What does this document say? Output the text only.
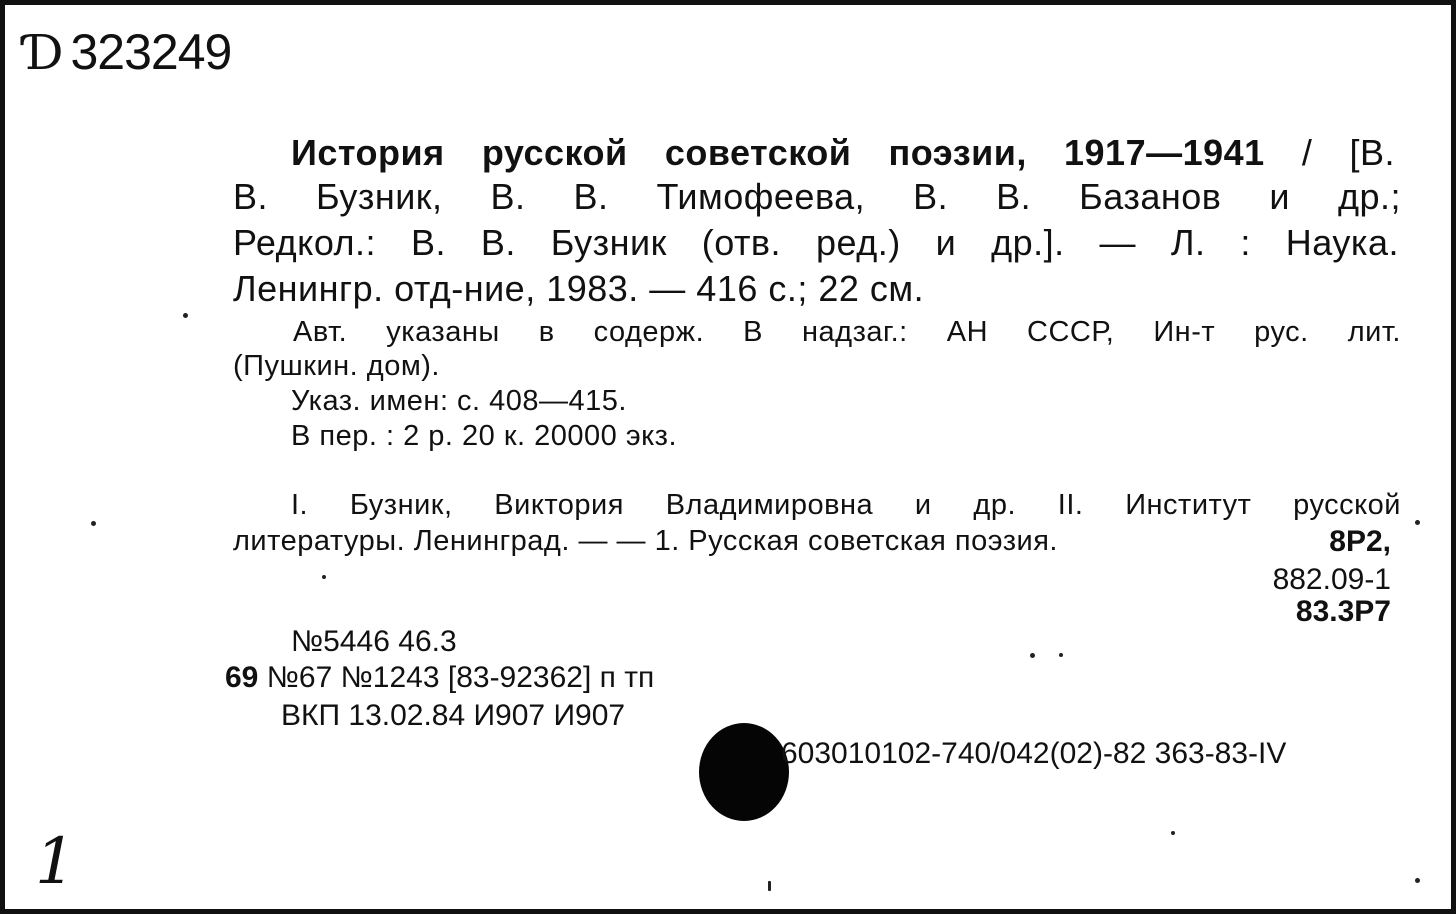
Ɗ 323249
История русской советской поэзии, 1917—1941 / [В.
В. Бузник, В. В. Тимофеева, В. В. Базанов и др.;
Редкол.: В. В. Бузник (отв. ред.) и др.]. — Л. : Наука.
Ленингр. отд-ние, 1983. — 416 с.; 22 см.
Авт. указаны в содерж. В надзаг.: АН СССР, Ин-т рус. лит.
(Пушкин. дом).
Указ. имен: с. 408—415.
В пер. : 2 р. 20 к. 20000 экз.
I. Бузник, Виктория Владимировна и др. II. Институт русской
литературы. Ленинград. — — 1. Русская советская поэзия.	8Р2,
882.09-1
83.3Р7
№5446 46.3
69 №67 №1243 [83-92362] п тп
ВКП 13.02.84 И907 И907
603010102-740/042(02)-82 363-83-IV
1
